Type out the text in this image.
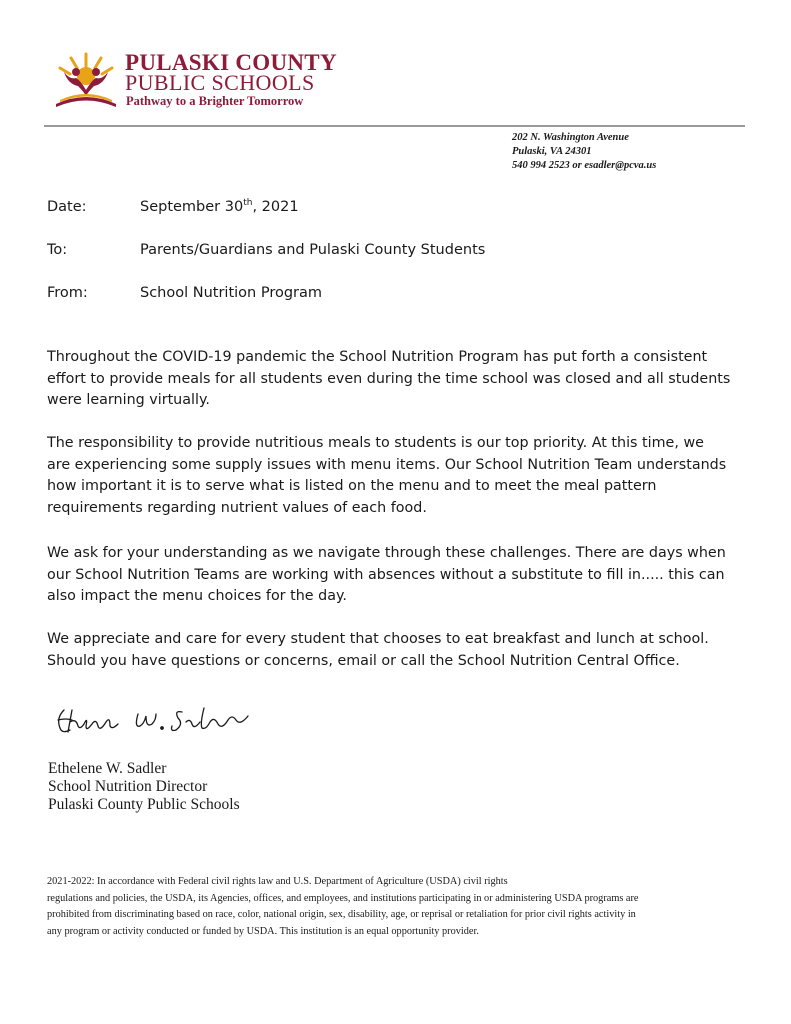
PULASKI COUNTY
PUBLIC SCHOOLS
Pathway to a Brighter Tomorrow
202 N. Washington Avenue
Pulaski, VA 24301
540 994 2523 or esadler@pcva.us
Date:	September 30th, 2021
To:	Parents/Guardians and Pulaski County Students
From:	School Nutrition Program

Throughout the COVID-19 pandemic the School Nutrition Program has put forth a consistent
effort to provide meals for all students even during the time school was closed and all students
were learning virtually.

The responsibility to provide nutritious meals to students is our top priority. At this time, we
are experiencing some supply issues with menu items. Our School Nutrition Team understands
how important it is to serve what is listed on the menu and to meet the meal pattern
requirements regarding nutrient values of each food.

We ask for your understanding as we navigate through these challenges. There are days when
our School Nutrition Teams are working with absences without a substitute to fill in..... this can
also impact the menu choices for the day.

We appreciate and care for every student that chooses to eat breakfast and lunch at school.
Should you have questions or concerns, email or call the School Nutrition Central Office.

Ethelene W. Sadler
School Nutrition Director
Pulaski County Public Schools
2021-2022: In accordance with Federal civil rights law and U.S. Department of Agriculture (USDA) civil rights
regulations and policies, the USDA, its Agencies, offices, and employees, and institutions participating in or administering USDA programs are
prohibited from discriminating based on race, color, national origin, sex, disability, age, or reprisal or retaliation for prior civil rights activity in
any program or activity conducted or funded by USDA. This institution is an equal opportunity provider.
